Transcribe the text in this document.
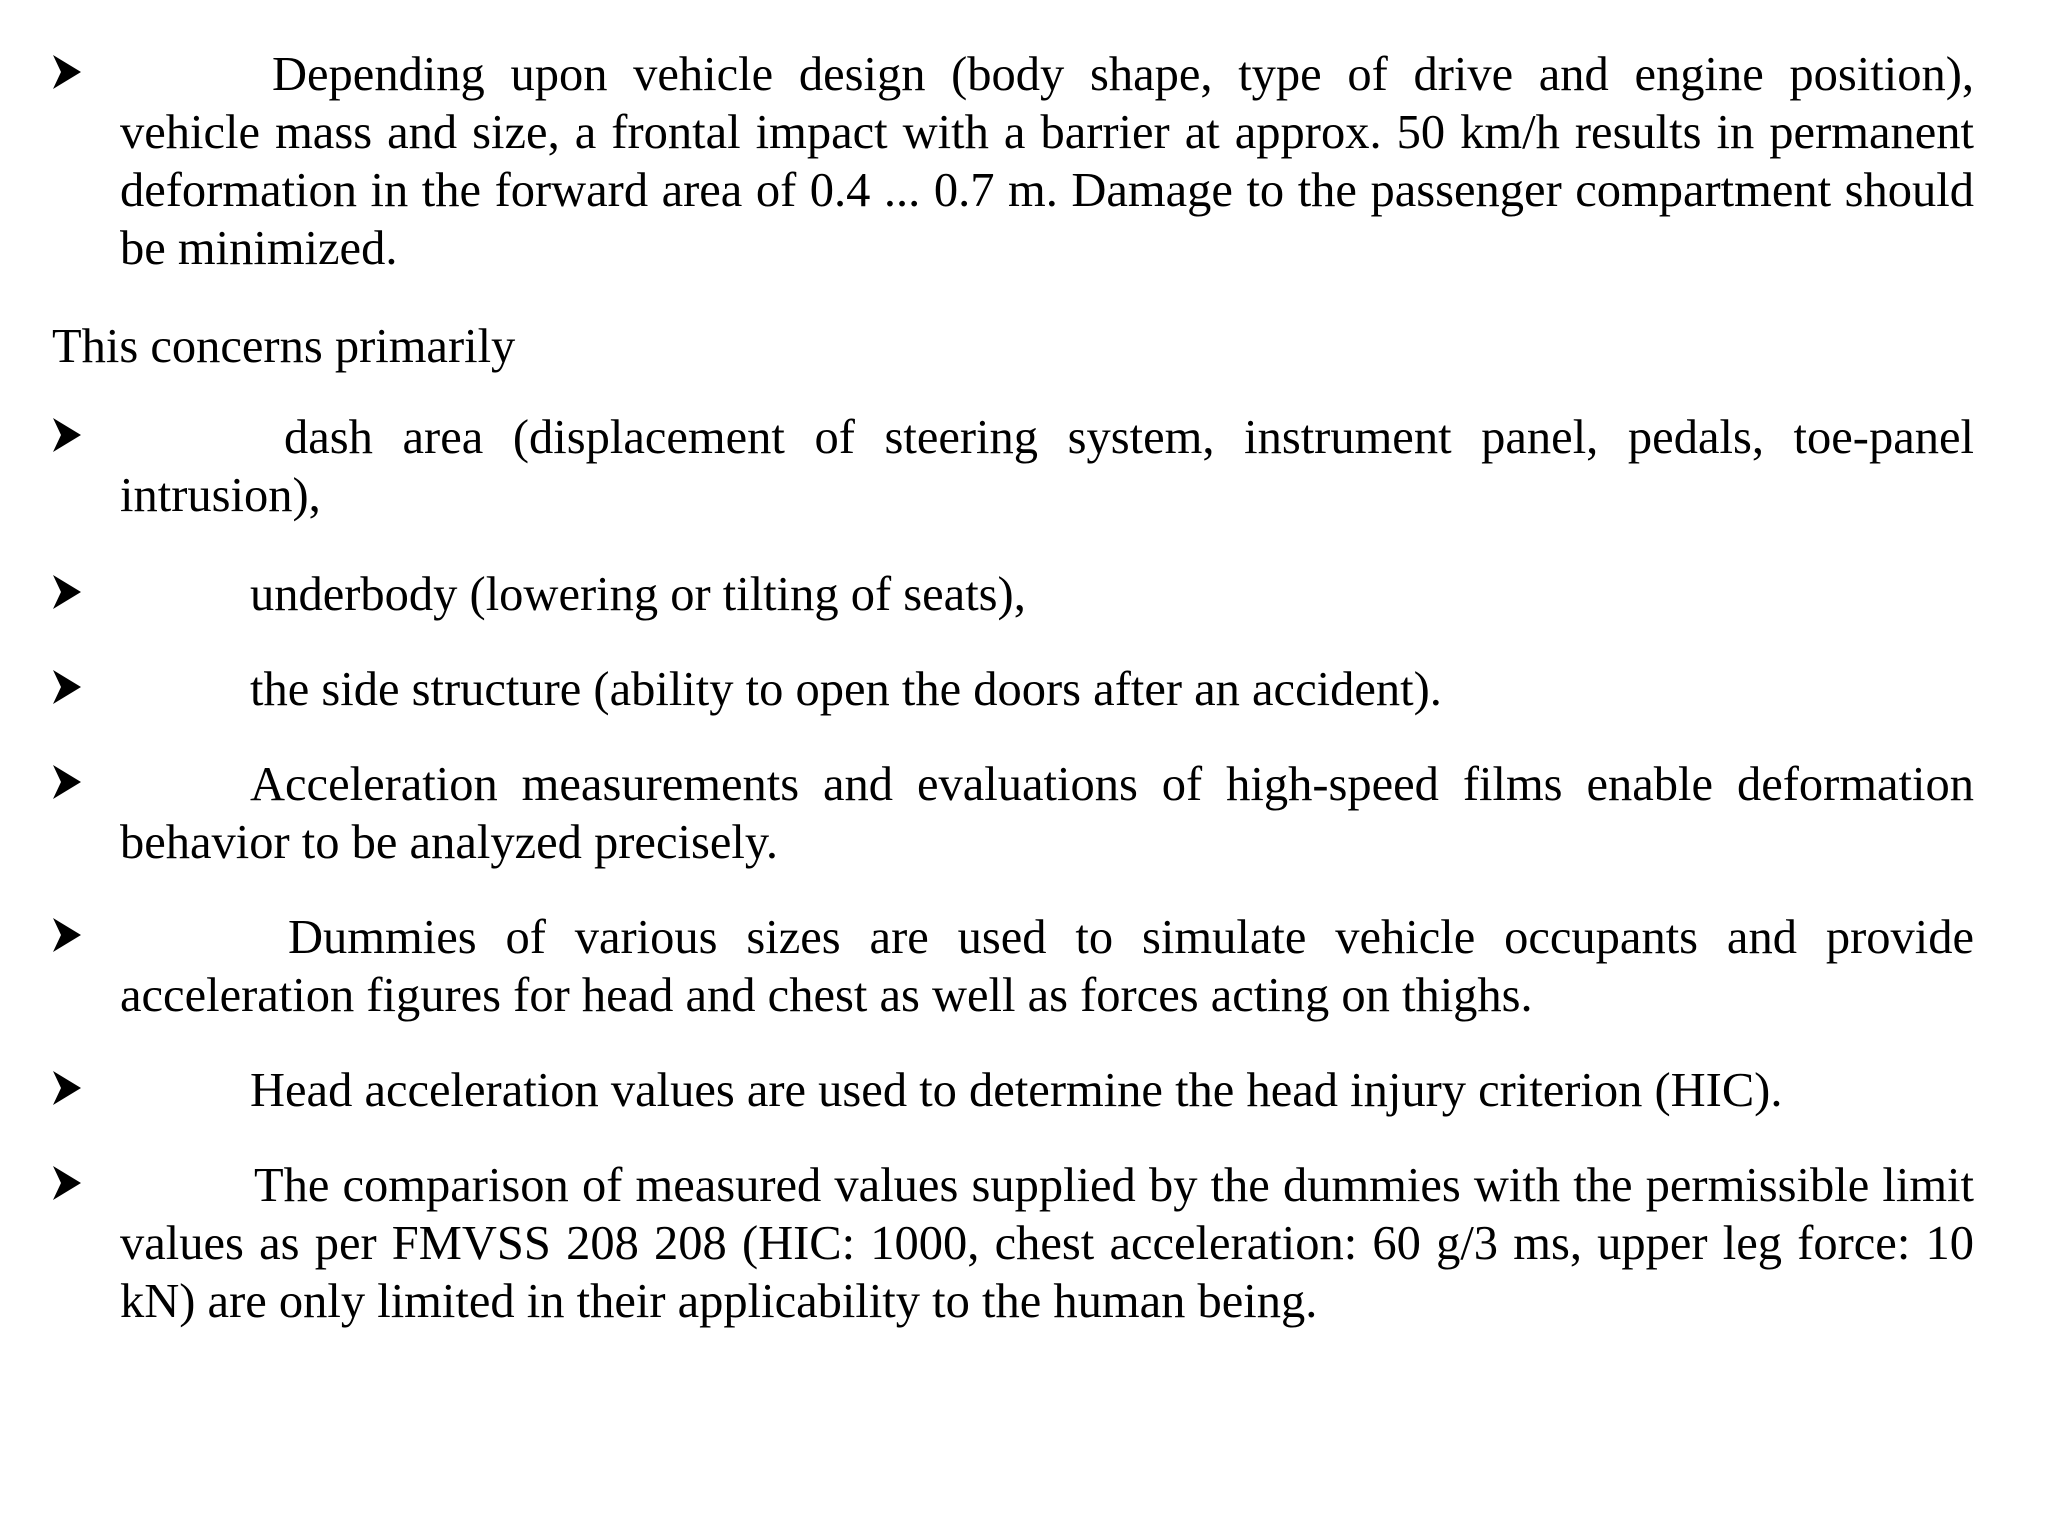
Depending upon vehicle design (body shape, type of drive and engine position), vehicle mass and size, a frontal impact with a barrier at approx. 50 km/h results in permanent deformation in the forward area of 0.4 ... 0.7 m. Damage to the passenger compartment should be minimized.
This concerns primarily
dash area (displacement of steering system, instrument panel, pedals, toe-panel intrusion),
underbody (lowering or tilting of seats),
the side structure (ability to open the doors after an accident).
Acceleration measurements and evaluations of high-speed films enable deformation behavior to be analyzed precisely.
Dummies of various sizes are used to simulate vehicle occupants and provide acceleration figures for head and chest as well as forces acting on thighs.
Head acceleration values are used to determine the head injury criterion (HIC).
The comparison of measured values supplied by the dummies with the permissible limit values as per FMVSS 208 208 (HIC: 1000, chest acceleration: 60 g/3 ms, upper leg force: 10 kN) are only limited in their applicability to the human being.
